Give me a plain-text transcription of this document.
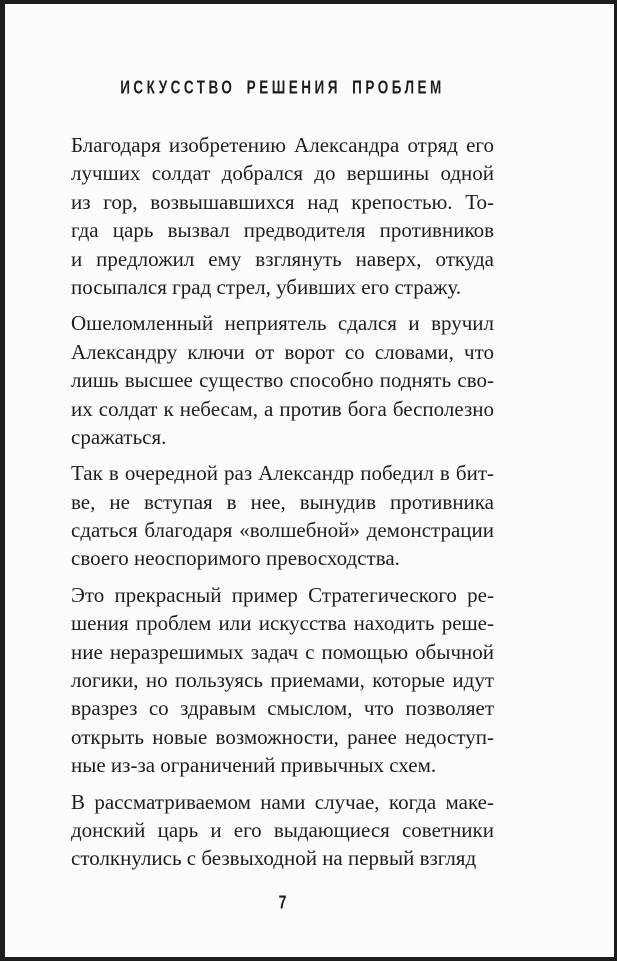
ИСКУССТВО РЕШЕНИЯ ПРОБЛЕМ
Благодаря изобретению Александра отряд его
лучших солдат добрался до вершины одной
из гор, возвышавшихся над крепостью. То-
гда царь вызвал предводителя противников
и предложил ему взглянуть наверх, откуда
посыпался град стрел, убивших его стражу.
Ошеломленный неприятель сдался и вручил
Александру ключи от ворот со словами, что
лишь высшее существо способно поднять сво-
их солдат к небесам, а против бога бесполезно
сражаться.
Так в очередной раз Александр победил в бит-
ве, не вступая в нее, вынудив противника
сдаться благодаря «волшебной» демонстрации
своего неоспоримого превосходства.
Это прекрасный пример Стратегического ре-
шения проблем или искусства находить реше-
ние неразрешимых задач с помощью обычной
логики, но пользуясь приемами, которые идут
вразрез со здравым смыслом, что позволяет
открыть новые возможности, ранее недоступ-
ные из-за ограничений привычных схем.
В рассматриваемом нами случае, когда маке-
донский царь и его выдающиеся советники
столкнулись с безвыходной на первый взгляд
7
